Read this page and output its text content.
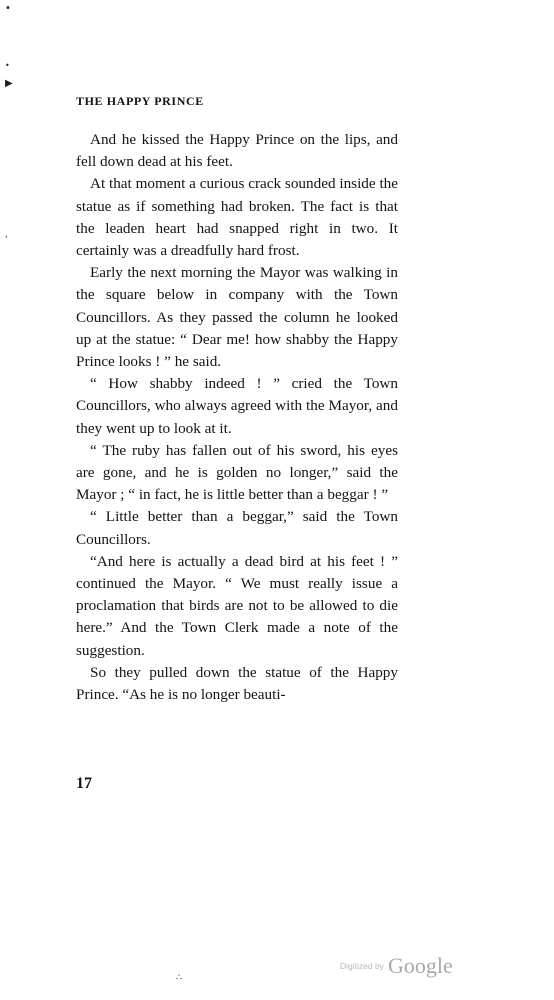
•
•
▶
'
∴
THE HAPPY PRINCE

And he kissed the Happy Prince on the lips, and fell down dead at his feet.

At that moment a curious crack sounded inside the statue as if something had broken. The fact is that the leaden heart had snapped right in two. It certainly was a dreadfully hard frost.

Early the next morning the Mayor was walking in the square below in company with the Town Councillors. As they passed the column he looked up at the statue: “ Dear me! how shabby the Happy Prince looks ! ” he said.

“ How shabby indeed ! ” cried the Town Councillors, who always agreed with the Mayor, and they went up to look at it.

“ The ruby has fallen out of his sword, his eyes are gone, and he is golden no longer,” said the Mayor ; “ in fact, he is little better than a beggar ! ”

“ Little better than a beggar,” said the Town Councillors.

“And here is actually a dead bird at his feet ! ” continued the Mayor. “ We must really issue a proclamation that birds are not to be allowed to die here.” And the Town Clerk made a note of the suggestion.

So they pulled down the statue of the Happy Prince. “As he is no longer beauti-

17
Digitized by Google
